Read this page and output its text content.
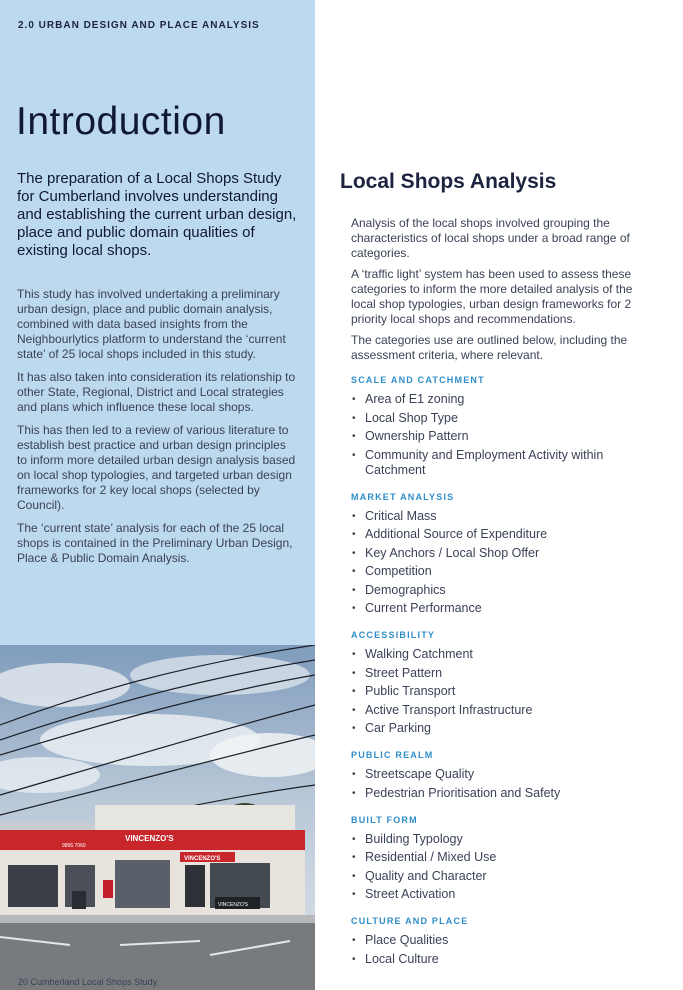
2.0 URBAN DESIGN AND PLACE ANALYSIS
Introduction

The preparation of a Local Shops Study for Cumberland involves understanding and establishing the current urban design, place and public domain qualities of existing local shops.

This study has involved undertaking a preliminary urban design, place and public domain analysis, combined with data based insights from the Neighbourlytics platform to understand the ‘current state’ of 25 local shops included in this study.

It has also taken into consideration its relationship to other State, Regional, District and Local strategies and plans which influence these local shops.

This has then led to a review of various literature to establish best practice and urban design principles to inform more detailed urban design analysis based on local shop typologies, and targeted urban design frameworks for 2 key local shops (selected by Council).

The ‘current state’ analysis for each of the 25 local shops is contained in the Preliminary Urban Design, Place & Public Domain Analysis.

VINCENZO'S
9896 7060
VINCENZO'S
VINCENZO'S
20 Cumberland Local Shops Study
Local Shops Analysis

Analysis of the local shops involved grouping the characteristics of local shops under a broad range of categories.

A ‘traffic light’ system has been used to assess these categories to inform the more detailed analysis of the local shop typologies, urban design frameworks for 2 priority local shops and recommendations.

The categories use are outlined below, including the assessment criteria, where relevant.

SCALE AND CATCHMENT
• Area of E1 zoning
• Local Shop Type
• Ownership Pattern
• Community and Employment Activity within Catchment
MARKET ANALYSIS
• Critical Mass
• Additional Source of Expenditure
• Key Anchors / Local Shop Offer
• Competition
• Demographics
• Current Performance
ACCESSIBILITY
• Walking Catchment
• Street Pattern
• Public Transport
• Active Transport Infrastructure
• Car Parking
PUBLIC REALM
• Streetscape Quality
• Pedestrian Prioritisation and Safety
BUILT FORM
• Building Typology
• Residential / Mixed Use
• Quality and Character
• Street Activation
CULTURE AND PLACE
• Place Qualities
• Local Culture
